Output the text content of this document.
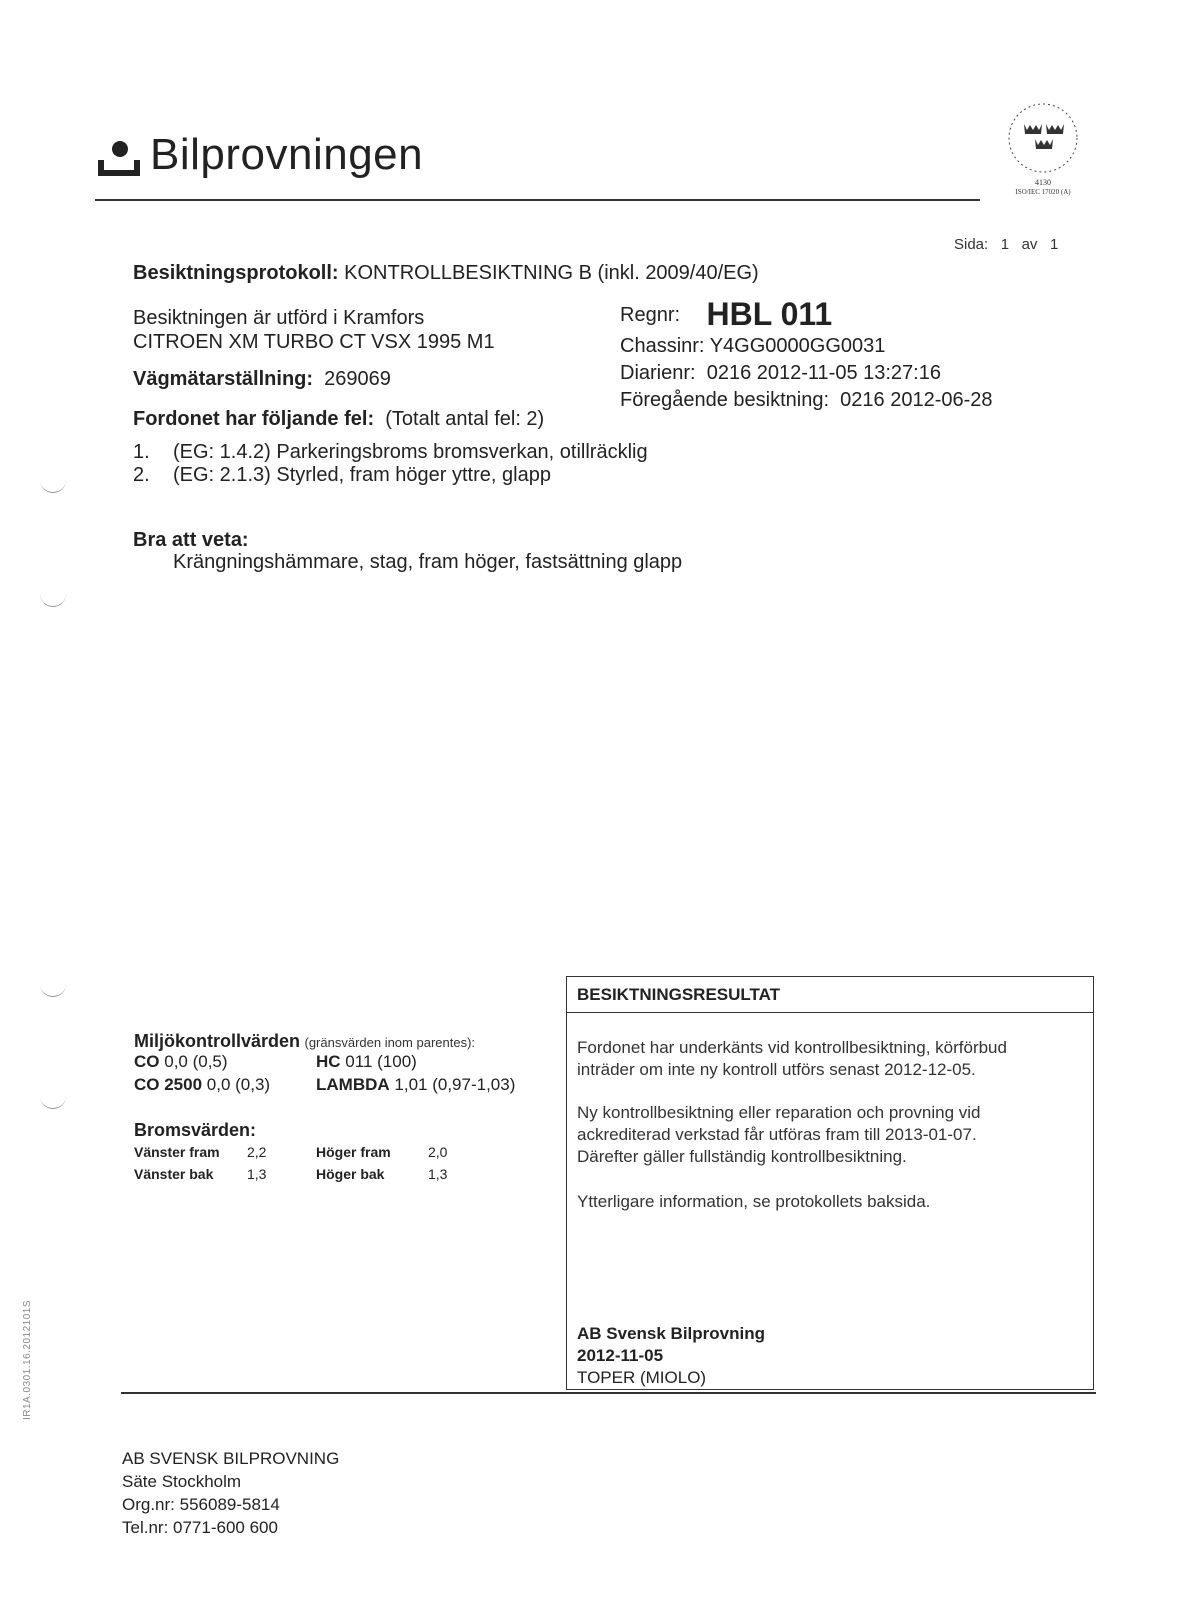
Bilprovningen
4130
ISO/IEC 17020 (A)
Sida: 1 av 1
Besiktningsprotokoll: KONTROLLBESIKTNING B (inkl. 2009/40/EG)
Besiktningen är utförd i Kramfors
CITROEN XM TURBO CT VSX 1995 M1
Vägmätarställning: 269069
Regnr: HBL 011
Chassinr: Y4GG0000GG0031
Diarienr: 0216 2012-11-05 13:27:16
Föregående besiktning: 0216 2012-06-28
Fordonet har följande fel: (Totalt antal fel: 2)
1. (EG: 1.4.2) Parkeringsbroms bromsverkan, otillräcklig
2. (EG: 2.1.3) Styrled, fram höger yttre, glapp
Bra att veta:
Krängningshämmare, stag, fram höger, fastsättning glapp
Miljökontrollvärden (gränsvärden inom parentes):
CO 0,0 (0,5)	HC 011 (100)
CO 2500 0,0 (0,3)	LAMBDA 1,01 (0,97-1,03)
Bromsvärden:
Vänster fram 2,2	Höger fram	2,0
Vänster bak 1,3	Höger bak	1,3
BESIKTNINGSRESULTAT
Fordonet har underkänts vid kontrollbesiktning, körförbud
inträder om inte ny kontroll utförs senast 2012-12-05.
Ny kontrollbesiktning eller reparation och provning vid
ackrediterad verkstad får utföras fram till 2013-01-07.
Därefter gäller fullständig kontrollbesiktning.
Ytterligare information, se protokollets baksida.
AB Svensk Bilprovning
2012-11-05
TOPER (MIOLO)
IR1A.0301.16.2012101S
AB SVENSK BILPROVNING
Säte Stockholm
Org.nr: 556089-5814
Tel.nr: 0771-600 600
